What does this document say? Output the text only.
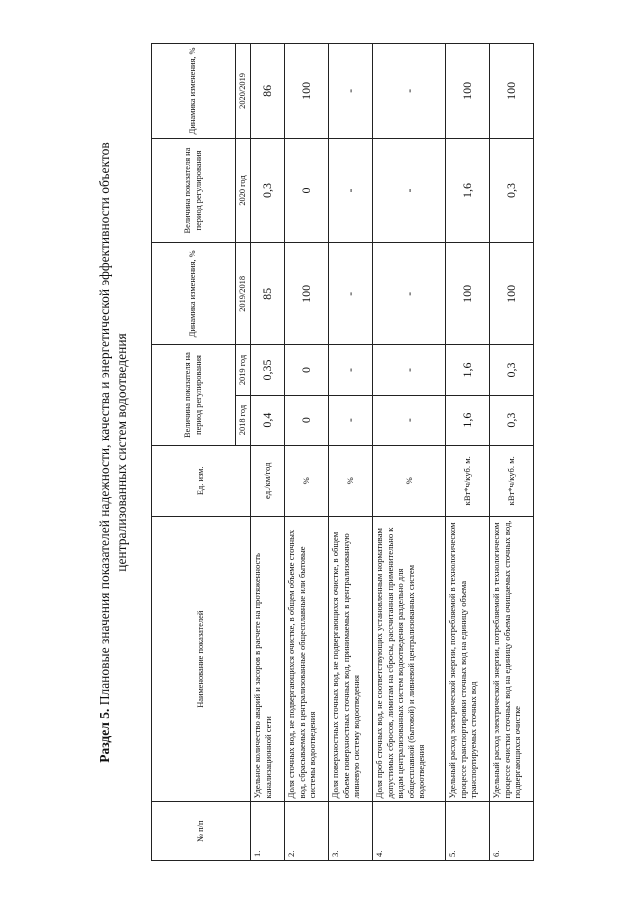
Раздел 5. Плановые значения показателей надежности, качества и энергетической эффективности объектов централизованных систем водоотведения
№ п/п	Наименование показателей	Ед. изм.	Величина показателя на период регулирования		Динамика изменения, %	Величина показателя на период регулирования	Динамика изменения, %
			2018 год	2019 год	2019/2018	2020 год	2020/2019
1.	Удельное количество аварий и засоров в расчете на протяженность канализационной сети	ед./км/год	0,4	0,35	85	0,3	86
2.	Доля сточных вод, не подвергающихся очистке, в общем объеме сточных вод, сбрасываемых в централизованные общесплавные или бытовые системы водоотведения	%	0	0	100	0	100
3.	Доля поверхностных сточных вод, не подвергающихся очистке, в общем объеме поверхностных сточных вод, принимаемых в централизованную ливневую систему водоотведения	%	-	-	-	-	-
4.	Доля проб сточных вод, не соответствующих установленным нормативам допустимых сбросов, лимитам на сбросы, рассчитанная применительно к видам централизованных систем водоотведения раздельно для общесплавной (бытовой) и ливневой централизованных систем водоотведения	%	-	-	-	-	-
5.	Удельный расход электрической энергии, потребляемой в технологическом процессе транспортировки сточных вод на единицу объема транспортируемых сточных вод	кВт*ч/куб. м.	1,6	1,6	100	1,6	100
6.	Удельный расход электрической энергии, потребляемой в технологическом процессе очистки сточных вод на единицу объема очищаемых сточных вод, подвергающихся очистке	кВт*ч/куб. м.	0,3	0,3	100	0,3	100
